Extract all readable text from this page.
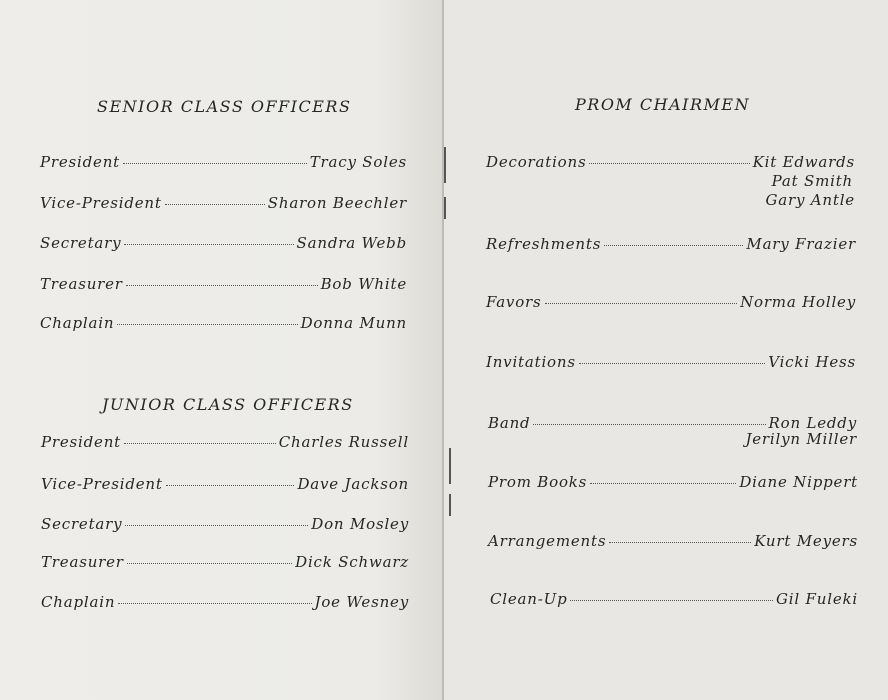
SENIOR CLASS OFFICERS
President	Tracy Soles
Vice-President	Sharon Beechler
Secretary	Sandra Webb
Treasurer	Bob White
Chaplain	Donna Munn
JUNIOR CLASS OFFICERS
President	Charles Russell
Vice-President	Dave Jackson
Secretary	Don Mosley
Treasurer	Dick Schwarz
Chaplain	Joe Wesney
PROM CHAIRMEN
Decorations	Kit Edwards
Pat Smith
Gary Antle
Refreshments	Mary Frazier
Favors	Norma Holley
Invitations	Vicki Hess
Band	Ron Leddy
Jerilyn Miller
Prom Books	Diane Nippert
Arrangements	Kurt Meyers
Clean-Up	Gil Fuleki
